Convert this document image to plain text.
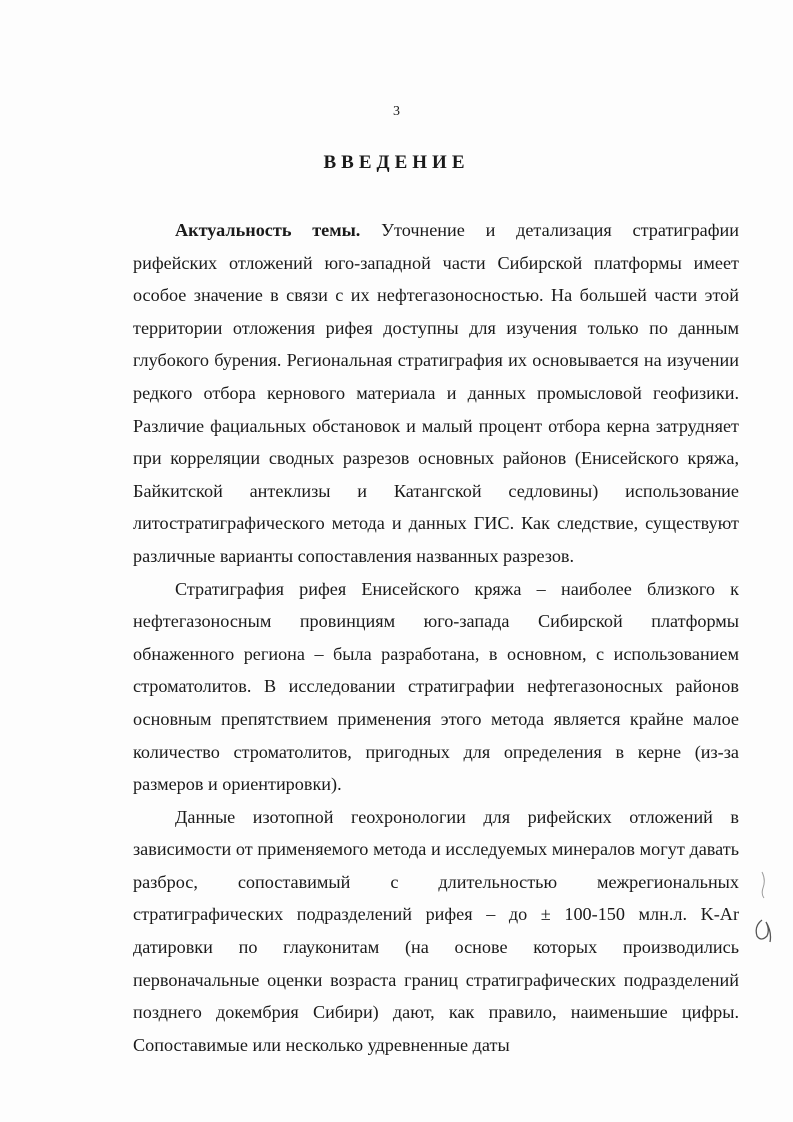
3
ВВЕДЕНИЕ

Актуальность темы. Уточнение и детализация стратиграфии рифейских отложений юго-западной части Сибирской платформы имеет особое значение в связи с их нефтегазоносностью. На большей части этой территории отложения рифея доступны для изучения только по данным глубокого бурения. Региональная стратиграфия их основывается на изучении редкого отбора кернового материала и данных промысловой геофизики. Различие фациальных обстановок и малый процент отбора керна затрудняет при корреляции сводных разрезов основных районов (Енисейского кряжа, Байкитской антеклизы и Катангской седловины) использование литостратиграфического метода и данных ГИС. Как следствие, существуют различные варианты сопоставления названных разрезов.

Стратиграфия рифея Енисейского кряжа – наиболее близкого к нефтегазоносным провинциям юго-запада Сибирской платформы обнаженного региона – была разработана, в основном, с использованием строматолитов. В исследовании стратиграфии нефтегазоносных районов основным препятствием применения этого метода является крайне малое количество строматолитов, пригодных для определения в керне (из-за размеров и ориентировки).

Данные изотопной геохронологии для рифейских отложений в зависимости от применяемого метода и исследуемых минералов могут давать разброс, сопоставимый с длительностью межрегиональных стратиграфических подразделений рифея – до ± 100-150 млн.л. K-Ar датировки по глауконитам (на основе которых производились первоначальные оценки возраста границ стратиграфических подразделений позднего докембрия Сибири) дают, как правило, наименьшие цифры. Сопоставимые или несколько удревненные даты
